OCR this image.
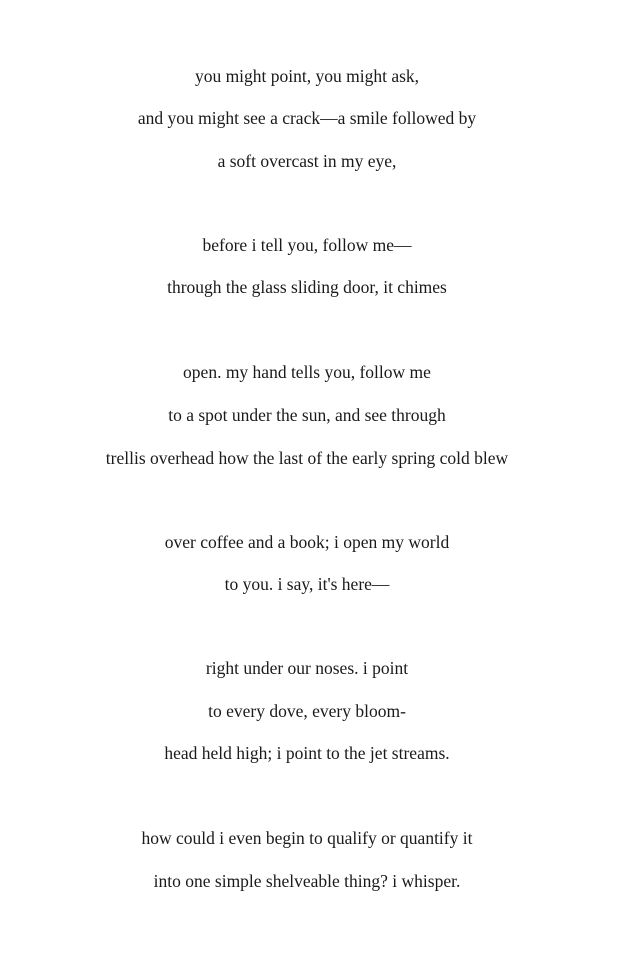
you might point, you might ask,
and you might see a crack—a smile followed by
a soft overcast in my eye,
before i tell you, follow me—
through the glass sliding door, it chimes
open. my hand tells you, follow me
to a spot under the sun, and see through
trellis overhead how the last of the early spring cold blew
over coffee and a book; i open my world
to you. i say, it's here—
right under our noses. i point
to every dove, every bloom-
head held high; i point to the jet streams.
how could i even begin to qualify or quantify it
into one simple shelveable thing? i whisper.
